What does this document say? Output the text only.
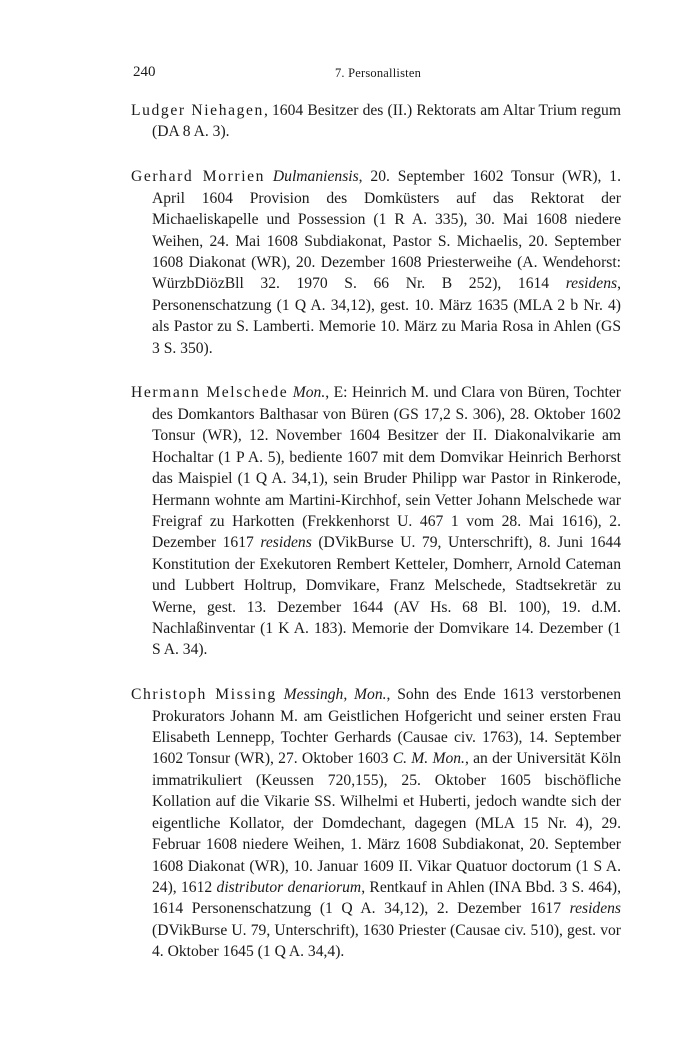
240	7. Personallisten

Ludger Niehagen, 1604 Besitzer des (II.) Rektorats am Altar Trium regum (DA 8 A. 3).

Gerhard Morrien Dulmaniensis, 20. September 1602 Tonsur (WR), 1. April 1604 Provision des Domküsters auf das Rektorat der Michaeliskapelle und Possession (1 R A. 335), 30. Mai 1608 niedere Weihen, 24. Mai 1608 Subdiakonat, Pastor S. Michaelis, 20. September 1608 Diakonat (WR), 20. Dezember 1608 Priesterweihe (A. Wendehorst: WürzbDiözBll 32. 1970 S. 66 Nr. B 252), 1614 residens, Personenschatzung (1 Q A. 34,12), gest. 10. März 1635 (MLA 2 b Nr. 4) als Pastor zu S. Lamberti. Memorie 10. März zu Maria Rosa in Ahlen (GS 3 S. 350).

Hermann Melschede Mon., E: Heinrich M. und Clara von Büren, Tochter des Domkantors Balthasar von Büren (GS 17,2 S. 306), 28. Oktober 1602 Tonsur (WR), 12. November 1604 Besitzer der II. Diakonalvikarie am Hochaltar (1 P A. 5), bediente 1607 mit dem Domvikar Heinrich Berhorst das Maispiel (1 Q A. 34,1), sein Bruder Philipp war Pastor in Rinkerode, Hermann wohnte am Martini-Kirchhof, sein Vetter Johann Melschede war Freigraf zu Harkotten (Frekkenhorst U. 467 1 vom 28. Mai 1616), 2. Dezember 1617 residens (DVikBurse U. 79, Unterschrift), 8. Juni 1644 Konstitution der Exekutoren Rembert Ketteler, Domherr, Arnold Cateman und Lubbert Holtrup, Domvikare, Franz Melschede, Stadtsekretär zu Werne, gest. 13. Dezember 1644 (AV Hs. 68 Bl. 100), 19. d.M. Nachlaßinventar (1 K A. 183). Memorie der Domvikare 14. Dezember (1 S A. 34).

Christoph Missing Messingh, Mon., Sohn des Ende 1613 verstorbenen Prokurators Johann M. am Geistlichen Hofgericht und seiner ersten Frau Elisabeth Lennepp, Tochter Gerhards (Causae civ. 1763), 14. September 1602 Tonsur (WR), 27. Oktober 1603 C. M. Mon., an der Universität Köln immatrikuliert (Keussen 720,155), 25. Oktober 1605 bischöfliche Kollation auf die Vikarie SS. Wilhelmi et Huberti, jedoch wandte sich der eigentliche Kollator, der Domdechant, dagegen (MLA 15 Nr. 4), 29. Februar 1608 niedere Weihen, 1. März 1608 Subdiakonat, 20. September 1608 Diakonat (WR), 10. Januar 1609 II. Vikar Quatuor doctorum (1 S A. 24), 1612 distributor denariorum, Rentkauf in Ahlen (INA Bbd. 3 S. 464), 1614 Personenschatzung (1 Q A. 34,12), 2. Dezember 1617 residens (DVikBurse U. 79, Unterschrift), 1630 Priester (Causae civ. 510), gest. vor 4. Oktober 1645 (1 Q A. 34,4).
